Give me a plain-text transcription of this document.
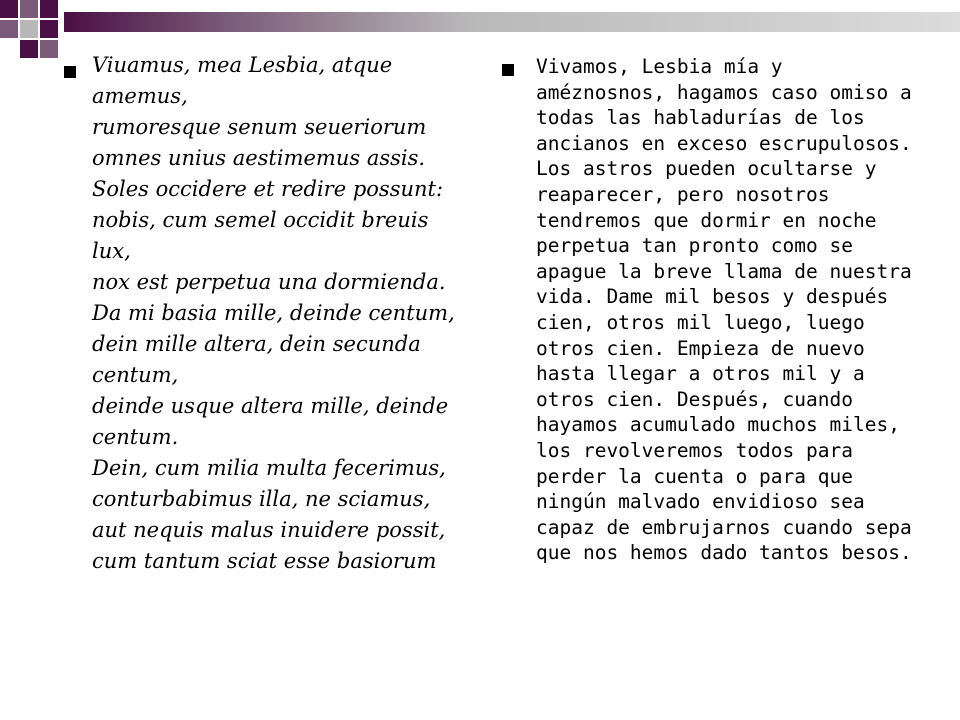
Viuamus, mea Lesbia, atque
amemus,
rumoresque senum seueriorum
omnes unius aestimemus assis.
Soles occidere et redire possunt:
nobis, cum semel occidit breuis lux,
nox est perpetua una dormienda.
Da mi basia mille, deinde centum,
dein mille altera, dein secunda
centum,
deinde usque altera mille, deinde
centum.
Dein, cum milia multa fecerimus,
conturbabimus illa, ne sciamus,
aut nequis malus inuidere possit,
cum tantum sciat esse basiorum

Vivamos, Lesbia mía y améznosnos, hagamos caso omiso a todas las habladurías de los ancianos en exceso escrupulosos. Los astros pueden ocultarse y reaparecer, pero nosotros tendremos que dormir en noche perpetua tan pronto como se apague la breve llama de nuestra vida. Dame mil besos y después cien, otros mil luego, luego otros cien. Empieza de nuevo hasta llegar a otros mil y a otros cien. Después, cuando hayamos acumulado muchos miles, los revolveremos todos para perder la cuenta o para que ningún malvado envidioso sea capaz de embrujarnos cuando sepa que nos hemos dado tantos besos.
